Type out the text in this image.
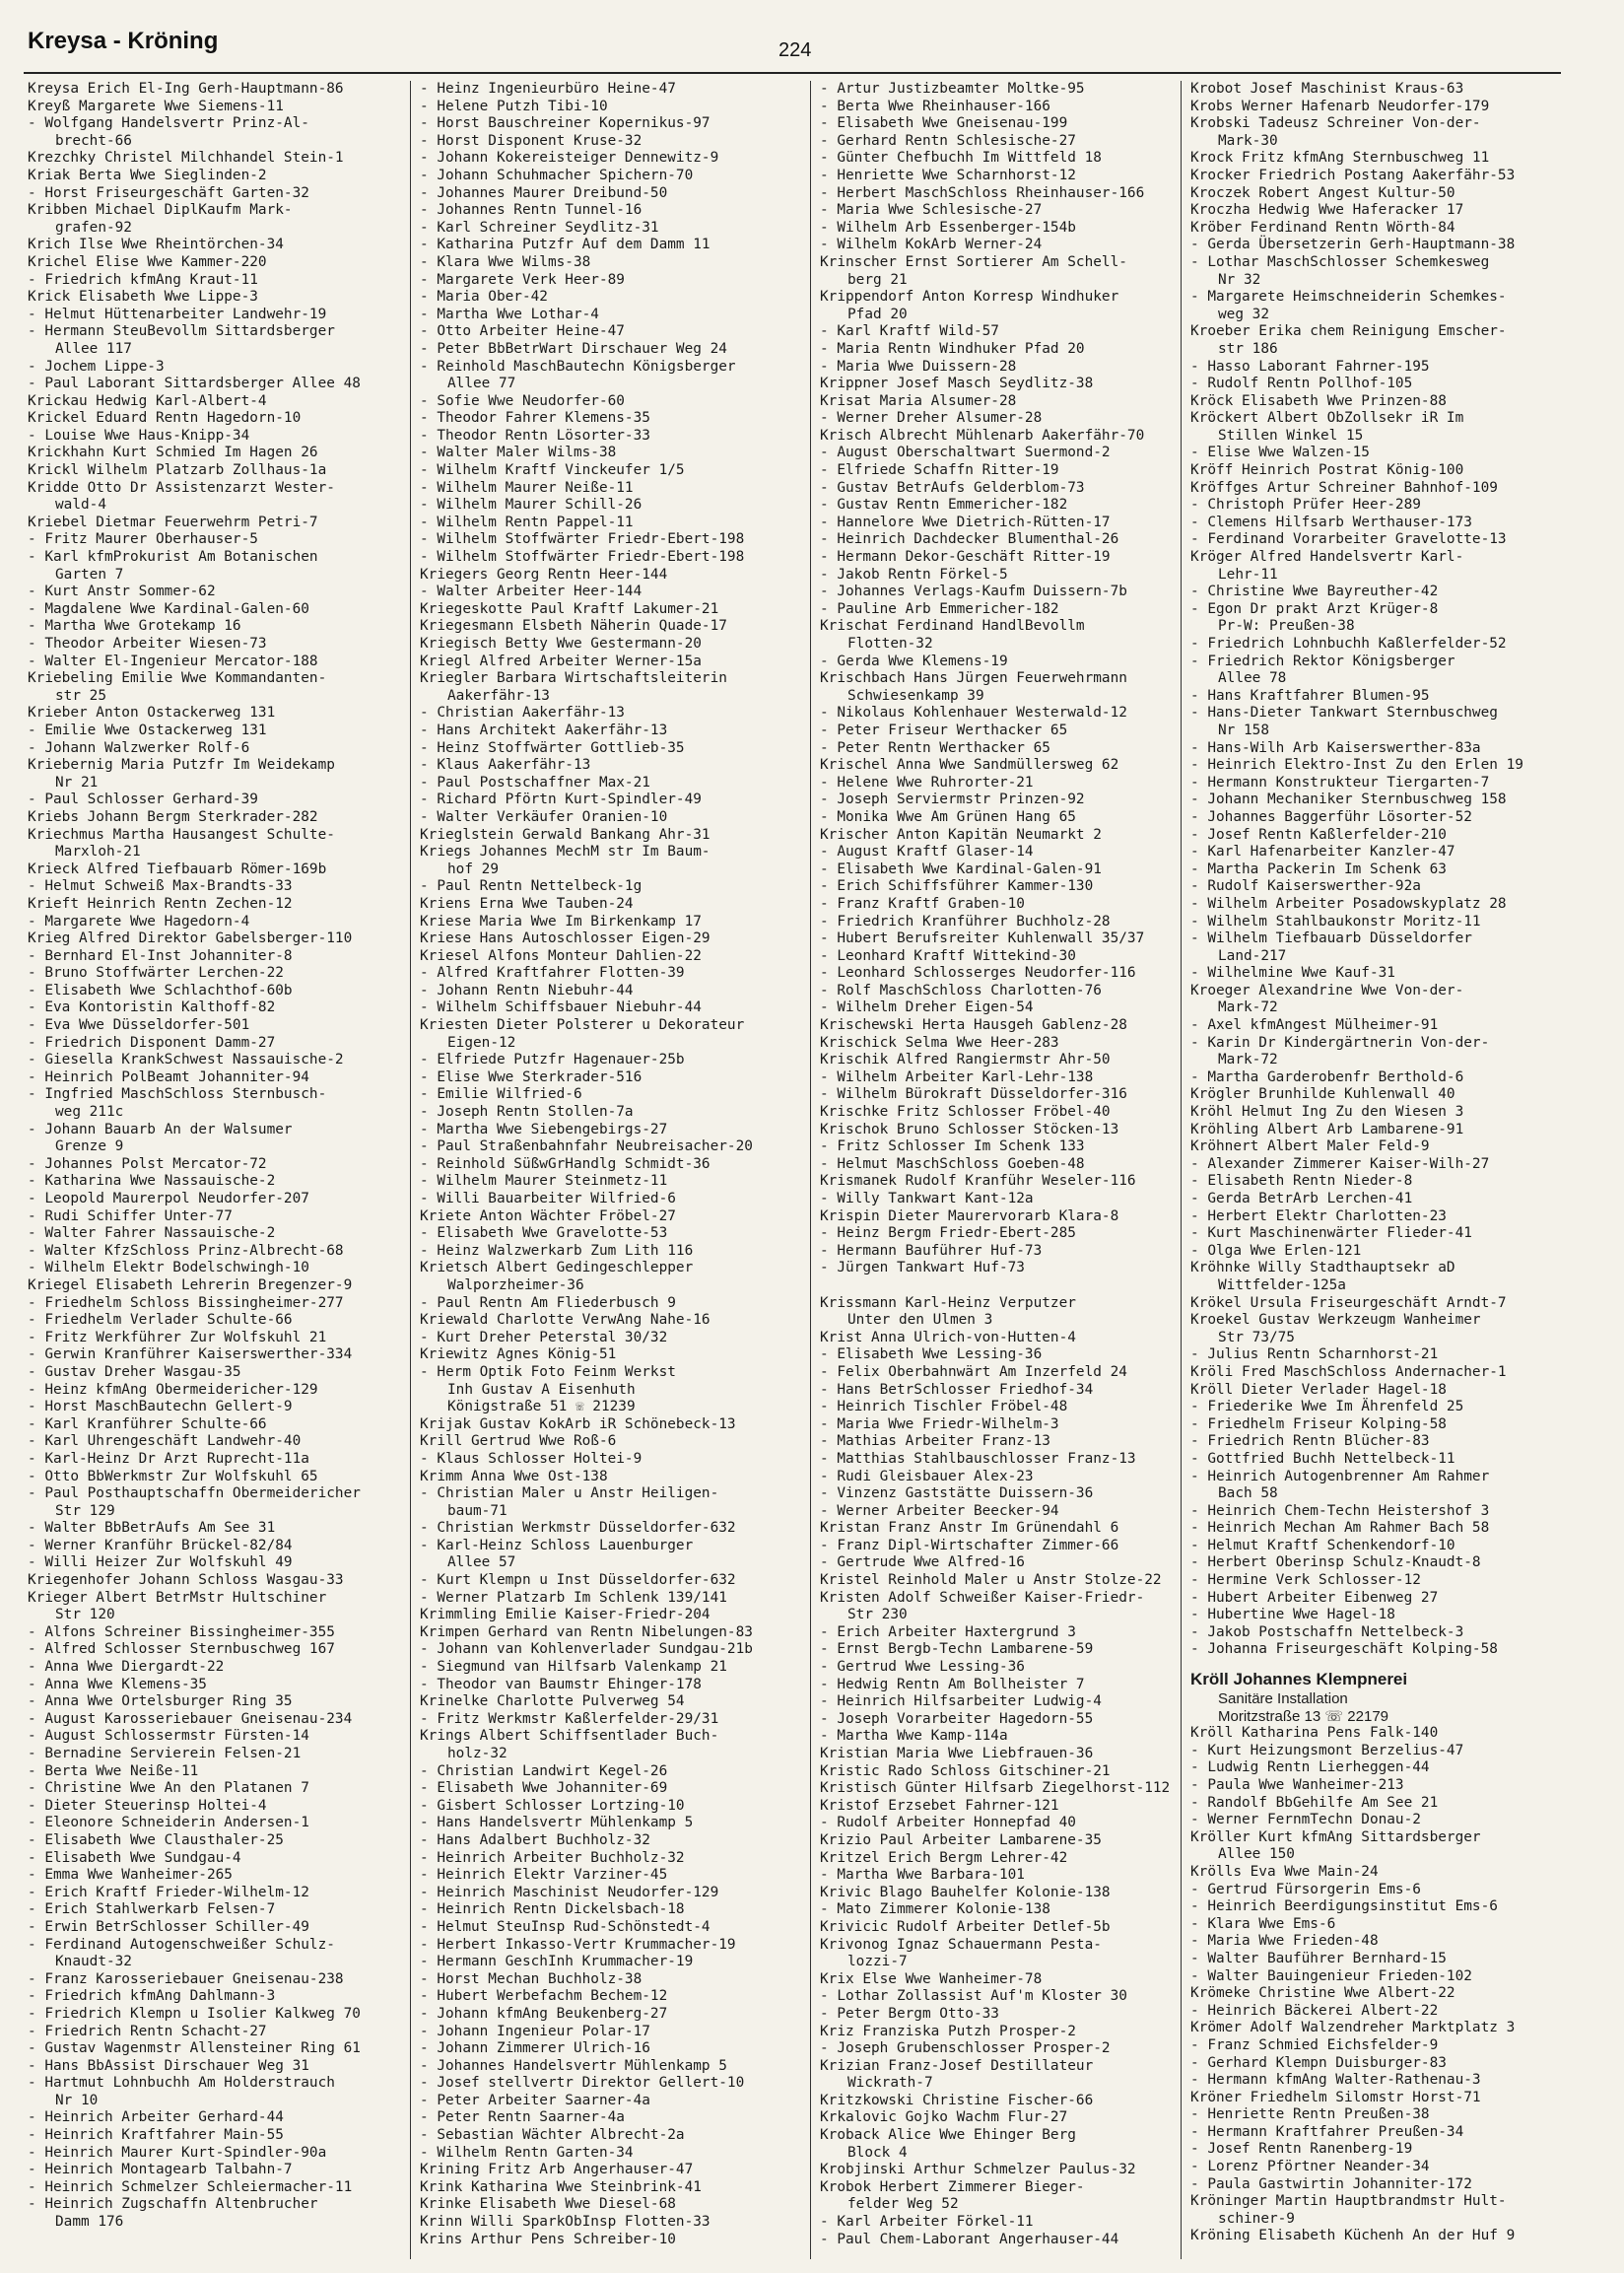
Kreysa - Kröning	224
Kreysa Erich El-Ing Gerh-Hauptmann-86
Kreyß Margarete Wwe Siemens-11
- Wolfgang Handelsvertr Prinz-Al-
brecht-66
Krezchky Christel Milchhandel Stein-1
Kriak Berta Wwe Sieglinden-2
- Horst Friseurgeschäft Garten-32
Kribben Michael DiplKaufm Mark-
grafen-92
Krich Ilse Wwe Rheintörchen-34
Krichel Elise Wwe Kammer-220
- Friedrich kfmAng Kraut-11
Krick Elisabeth Wwe Lippe-3
- Helmut Hüttenarbeiter Landwehr-19
- Hermann SteuBevollm Sittardsberger
Allee 117
- Jochem Lippe-3
- Paul Laborant Sittardsberger Allee 48
Krickau Hedwig Karl-Albert-4
Krickel Eduard Rentn Hagedorn-10
- Louise Wwe Haus-Knipp-34
Krickhahn Kurt Schmied Im Hagen 26
Krickl Wilhelm Platzarb Zollhaus-1a
Kridde Otto Dr Assistenzarzt Wester-
wald-4
Kriebel Dietmar Feuerwehrm Petri-7
- Fritz Maurer Oberhauser-5
- Karl kfmProkurist Am Botanischen
Garten 7
- Kurt Anstr Sommer-62
- Magdalene Wwe Kardinal-Galen-60
- Martha Wwe Grotekamp 16
- Theodor Arbeiter Wiesen-73
- Walter El-Ingenieur Mercator-188
Kriebeling Emilie Wwe Kommandanten-
str 25
Krieber Anton Ostackerweg 131
- Emilie Wwe Ostackerweg 131
- Johann Walzwerker Rolf-6
Kriebernig Maria Putzfr Im Weidekamp
Nr 21
- Paul Schlosser Gerhard-39
Kriebs Johann Bergm Sterkrader-282
Kriechmus Martha Hausangest Schulte-
Marxloh-21
Krieck Alfred Tiefbauarb Römer-169b
- Helmut Schweiß Max-Brandts-33
Krieft Heinrich Rentn Zechen-12
- Margarete Wwe Hagedorn-4
Krieg Alfred Direktor Gabelsberger-110
- Bernhard El-Inst Johanniter-8
- Bruno Stoffwärter Lerchen-22
- Elisabeth Wwe Schlachthof-60b
- Eva Kontoristin Kalthoff-82
- Eva Wwe Düsseldorfer-501
- Friedrich Disponent Damm-27
- Giesella KrankSchwest Nassauische-2
- Heinrich PolBeamt Johanniter-94
- Ingfried MaschSchloss Sternbusch-
weg 211c
- Johann Bauarb An der Walsumer
Grenze 9
- Johannes Polst Mercator-72
- Katharina Wwe Nassauische-2
- Leopold Maurerpol Neudorfer-207
- Rudi Schiffer Unter-77
- Walter Fahrer Nassauische-2
- Walter KfzSchloss Prinz-Albrecht-68
- Wilhelm Elektr Bodelschwingh-10
Kriegel Elisabeth Lehrerin Bregenzer-9
- Friedhelm Schloss Bissingheimer-277
- Friedhelm Verlader Schulte-66
- Fritz Werkführer Zur Wolfskuhl 21
- Gerwin Kranführer Kaiserswerther-334
- Gustav Dreher Wasgau-35
- Heinz kfmAng Obermeidericher-129
- Horst MaschBautechn Gellert-9
- Karl Kranführer Schulte-66
- Karl Uhrengeschäft Landwehr-40
- Karl-Heinz Dr Arzt Ruprecht-11a
- Otto BbWerkmstr Zur Wolfskuhl 65
- Paul Posthauptschaffn Obermeidericher
Str 129
- Walter BbBetrAufs Am See 31
- Werner Kranführ Brückel-82/84
- Willi Heizer Zur Wolfskuhl 49
Kriegenhofer Johann Schloss Wasgau-33
Krieger Albert BetrMstr Hultschiner
Str 120
- Alfons Schreiner Bissingheimer-355
- Alfred Schlosser Sternbuschweg 167
- Anna Wwe Diergardt-22
- Anna Wwe Klemens-35
- Anna Wwe Ortelsburger Ring 35
- August Karosseriebauer Gneisenau-234
- August Schlossermstr Fürsten-14
- Bernadine Servierein Felsen-21
- Berta Wwe Neiße-11
- Christine Wwe An den Platanen 7
- Dieter Steuerinsp Holtei-4
- Eleonore Schneiderin Andersen-1
- Elisabeth Wwe Clausthaler-25
- Elisabeth Wwe Sundgau-4
- Emma Wwe Wanheimer-265
- Erich Kraftf Frieder-Wilhelm-12
- Erich Stahlwerkarb Felsen-7
- Erwin BetrSchlosser Schiller-49
- Ferdinand Autogenschweißer Schulz-
Knaudt-32
- Franz Karosseriebauer Gneisenau-238
- Friedrich kfmAng Dahlmann-3
- Friedrich Klempn u Isolier Kalkweg 70
- Friedrich Rentn Schacht-27
- Gustav Wagenmstr Allensteiner Ring 61
- Hans BbAssist Dirschauer Weg 31
- Hartmut Lohnbuchh Am Holderstrauch
Nr 10
- Heinrich Arbeiter Gerhard-44
- Heinrich Kraftfahrer Main-55
- Heinrich Maurer Kurt-Spindler-90a
- Heinrich Montagearb Talbahn-7
- Heinrich Schmelzer Schleiermacher-11
- Heinrich Zugschaffn Altenbrucher
Damm 176
- Heinz Ingenieurbüro Heine-47
- Helene Putzh Tibi-10
- Horst Bauschreiner Kopernikus-97
- Horst Disponent Kruse-32
- Johann Kokereisteiger Dennewitz-9
- Johann Schuhmacher Spichern-70
- Johannes Maurer Dreibund-50
- Johannes Rentn Tunnel-16
- Karl Schreiner Seydlitz-31
- Katharina Putzfr Auf dem Damm 11
- Klara Wwe Wilms-38
- Margarete Verk Heer-89
- Maria Ober-42
- Martha Wwe Lothar-4
- Otto Arbeiter Heine-47
- Peter BbBetrWart Dirschauer Weg 24
- Reinhold MaschBautechn Königsberger
Allee 77
- Sofie Wwe Neudorfer-60
- Theodor Fahrer Klemens-35
- Theodor Rentn Lösorter-33
- Walter Maler Wilms-38
- Wilhelm Kraftf Vinckeufer 1/5
- Wilhelm Maurer Neiße-11
- Wilhelm Maurer Schill-26
- Wilhelm Rentn Pappel-11
- Wilhelm Stoffwärter Friedr-Ebert-198
- Wilhelm Stoffwärter Friedr-Ebert-198
Kriegers Georg Rentn Heer-144
- Walter Arbeiter Heer-144
Kriegeskotte Paul Kraftf Lakumer-21
Kriegesmann Elsbeth Näherin Quade-17
Kriegisch Betty Wwe Gestermann-20
Kriegl Alfred Arbeiter Werner-15a
Kriegler Barbara Wirtschaftsleiterin
Aakerfähr-13
- Christian Aakerfähr-13
- Hans Architekt Aakerfähr-13
- Heinz Stoffwärter Gottlieb-35
- Klaus Aakerfähr-13
- Paul Postschaffner Max-21
- Richard Pförtn Kurt-Spindler-49
- Walter Verkäufer Oranien-10
Krieglstein Gerwald Bankang Ahr-31
Kriegs Johannes MechM str Im Baum-
hof 29
- Paul Rentn Nettelbeck-1g
Kriens Erna Wwe Tauben-24
Kriese Maria Wwe Im Birkenkamp 17
Kriese Hans Autoschlosser Eigen-29
Kriesel Alfons Monteur Dahlien-22
- Alfred Kraftfahrer Flotten-39
- Johann Rentn Niebuhr-44
- Wilhelm Schiffsbauer Niebuhr-44
Kriesten Dieter Polsterer u Dekorateur
Eigen-12
- Elfriede Putzfr Hagenauer-25b
- Elise Wwe Sterkrader-516
- Emilie Wilfried-6
- Joseph Rentn Stollen-7a
- Martha Wwe Siebengebirgs-27
- Paul Straßenbahnfahr Neubreisacher-20
- Reinhold SüßwGrHandlg Schmidt-36
- Wilhelm Maurer Steinmetz-11
- Willi Bauarbeiter Wilfried-6
Kriete Anton Wächter Fröbel-27
- Elisabeth Wwe Gravelotte-53
- Heinz Walzwerkarb Zum Lith 116
Krietsch Albert Gedingeschlepper
Walporzheimer-36
- Paul Rentn Am Fliederbusch 9
Kriewald Charlotte VerwAng Nahe-16
- Kurt Dreher Peterstal 30/32
Kriewitz Agnes König-51
- Herm Optik Foto Feinm Werkst
Inh Gustav A Eisenhuth
Königstraße 51 ☏ 21239
Krijak Gustav KokArb iR Schönebeck-13
Krill Gertrud Wwe Roß-6
- Klaus Schlosser Holtei-9
Krimm Anna Wwe Ost-138
- Christian Maler u Anstr Heiligen-
baum-71
- Christian Werkmstr Düsseldorfer-632
- Karl-Heinz Schloss Lauenburger
Allee 57
- Kurt Klempn u Inst Düsseldorfer-632
- Werner Platzarb Im Schlenk 139/141
Krimmling Emilie Kaiser-Friedr-204
Krimpen Gerhard van Rentn Nibelungen-83
- Johann van Kohlenverlader Sundgau-21b
- Siegmund van Hilfsarb Valenkamp 21
- Theodor van Baumstr Ehinger-178
Krinelke Charlotte Pulverweg 54
- Fritz Werkmstr Kaßlerfelder-29/31
Krings Albert Schiffsentlader Buch-
holz-32
- Christian Landwirt Kegel-26
- Elisabeth Wwe Johanniter-69
- Gisbert Schlosser Lortzing-10
- Hans Handelsvertr Mühlenkamp 5
- Hans Adalbert Buchholz-32
- Heinrich Arbeiter Buchholz-32
- Heinrich Elektr Varziner-45
- Heinrich Maschinist Neudorfer-129
- Heinrich Rentn Dickelsbach-18
- Helmut SteuInsp Rud-Schönstedt-4
- Herbert Inkasso-Vertr Krummacher-19
- Hermann GeschInh Krummacher-19
- Horst Mechan Buchholz-38
- Hubert Werbefachm Bechem-12
- Johann kfmAng Beukenberg-27
- Johann Ingenieur Polar-17
- Johann Zimmerer Ulrich-16
- Johannes Handelsvertr Mühlenkamp 5
- Josef stellvertr Direktor Gellert-10
- Peter Arbeiter Saarner-4a
- Peter Rentn Saarner-4a
- Sebastian Wächter Albrecht-2a
- Wilhelm Rentn Garten-34
Krining Fritz Arb Angerhauser-47
Krink Katharina Wwe Steinbrink-41
Krinke Elisabeth Wwe Diesel-68
Krinn Willi SparkObInsp Flotten-33
Krins Arthur Pens Schreiber-10
- Artur Justizbeamter Moltke-95
- Berta Wwe Rheinhauser-166
- Elisabeth Wwe Gneisenau-199
- Gerhard Rentn Schlesische-27
- Günter Chefbuchh Im Wittfeld 18
- Henriette Wwe Scharnhorst-12
- Herbert MaschSchloss Rheinhauser-166
- Maria Wwe Schlesische-27
- Wilhelm Arb Essenberger-154b
- Wilhelm KokArb Werner-24
Krinscher Ernst Sortierer Am Schell-
berg 21
Krippendorf Anton Korresp Windhuker
Pfad 20
- Karl Kraftf Wild-57
- Maria Rentn Windhuker Pfad 20
- Maria Wwe Duissern-28
Krippner Josef Masch Seydlitz-38
Krisat Maria Alsumer-28
- Werner Dreher Alsumer-28
Krisch Albrecht Mühlenarb Aakerfähr-70
- August Oberschaltwart Suermond-2
- Elfriede Schaffn Ritter-19
- Gustav BetrAufs Gelderblom-73
- Gustav Rentn Emmericher-182
- Hannelore Wwe Dietrich-Rütten-17
- Heinrich Dachdecker Blumenthal-26
- Hermann Dekor-Geschäft Ritter-19
- Jakob Rentn Förkel-5
- Johannes Verlags-Kaufm Duissern-7b
- Pauline Arb Emmericher-182
Krischat Ferdinand HandlBevollm
Flotten-32
- Gerda Wwe Klemens-19
Krischbach Hans Jürgen Feuerwehrmann
Schwiesenkamp 39
- Nikolaus Kohlenhauer Westerwald-12
- Peter Friseur Werthacker 65
- Peter Rentn Werthacker 65
Krischel Anna Wwe Sandmüllersweg 62
- Helene Wwe Ruhrorter-21
- Joseph Serviermstr Prinzen-92
- Monika Wwe Am Grünen Hang 65
Krischer Anton Kapitän Neumarkt 2
- August Kraftf Glaser-14
- Elisabeth Wwe Kardinal-Galen-91
- Erich Schiffsführer Kammer-130
- Franz Kraftf Graben-10
- Friedrich Kranführer Buchholz-28
- Hubert Berufsreiter Kuhlenwall 35/37
- Leonhard Kraftf Wittekind-30
- Leonhard Schlosserges Neudorfer-116
- Rolf MaschSchloss Charlotten-76
- Wilhelm Dreher Eigen-54
Krischewski Herta Hausgeh Gablenz-28
Krischick Selma Wwe Heer-283
Krischik Alfred Rangiermstr Ahr-50
- Wilhelm Arbeiter Karl-Lehr-138
- Wilhelm Bürokraft Düsseldorfer-316
Krischke Fritz Schlosser Fröbel-40
Krischok Bruno Schlosser Stöcken-13
- Fritz Schlosser Im Schenk 133
- Helmut MaschSchloss Goeben-48
Krismanek Rudolf Kranführ Weseler-116
- Willy Tankwart Kant-12a
Krispin Dieter Maurervorarb Klara-8
- Heinz Bergm Friedr-Ebert-285
- Hermann Bauführer Huf-73
- Jürgen Tankwart Huf-73

Krissmann Karl-Heinz Verputzer
Unter den Ulmen 3
Krist Anna Ulrich-von-Hutten-4
- Elisabeth Wwe Lessing-36
- Felix Oberbahnwärt Am Inzerfeld 24
- Hans BetrSchlosser Friedhof-34
- Heinrich Tischler Fröbel-48
- Maria Wwe Friedr-Wilhelm-3
- Mathias Arbeiter Franz-13
- Matthias Stahlbauschlosser Franz-13
- Rudi Gleisbauer Alex-23
- Vinzenz Gaststätte Duissern-36
- Werner Arbeiter Beecker-94
Kristan Franz Anstr Im Grünendahl 6
- Franz Dipl-Wirtschafter Zimmer-66
- Gertrude Wwe Alfred-16
Kristel Reinhold Maler u Anstr Stolze-22
Kristen Adolf Schweißer Kaiser-Friedr-
Str 230
- Erich Arbeiter Haxtergrund 3
- Ernst Bergb-Techn Lambarene-59
- Gertrud Wwe Lessing-36
- Hedwig Rentn Am Bollheister 7
- Heinrich Hilfsarbeiter Ludwig-4
- Joseph Vorarbeiter Hagedorn-55
- Martha Wwe Kamp-114a
Kristian Maria Wwe Liebfrauen-36
Kristic Rado Schloss Gitschiner-21
Kristisch Günter Hilfsarb Ziegelhorst-112
Kristof Erzsebet Fahrner-121
- Rudolf Arbeiter Honnepfad 40
Krizio Paul Arbeiter Lambarene-35
Kritzel Erich Bergm Lehrer-42
- Martha Wwe Barbara-101
Krivic Blago Bauhelfer Kolonie-138
- Mato Zimmerer Kolonie-138
Krivicic Rudolf Arbeiter Detlef-5b
Krivonog Ignaz Schauermann Pesta-
lozzi-7
Krix Else Wwe Wanheimer-78
- Lothar Zollassist Auf'm Kloster 30
- Peter Bergm Otto-33
Kriz Franziska Putzh Prosper-2
- Joseph Grubenschlosser Prosper-2
Krizian Franz-Josef Destillateur
Wickrath-7
Kritzkowski Christine Fischer-66
Krkalovic Gojko Wachm Flur-27
Kroback Alice Wwe Ehinger Berg
Block 4
Krobjinski Arthur Schmelzer Paulus-32
Krobok Herbert Zimmerer Bieger-
felder Weg 52
- Karl Arbeiter Förkel-11
- Paul Chem-Laborant Angerhauser-44
Krobot Josef Maschinist Kraus-63
Krobs Werner Hafenarb Neudorfer-179
Krobski Tadeusz Schreiner Von-der-
Mark-30
Krock Fritz kfmAng Sternbuschweg 11
Krocker Friedrich Postang Aakerfähr-53
Kroczek Robert Angest Kultur-50
Kroczha Hedwig Wwe Haferacker 17
Kröber Ferdinand Rentn Wörth-84
- Gerda Übersetzerin Gerh-Hauptmann-38
- Lothar MaschSchlosser Schemkesweg
Nr 32
- Margarete Heimschneiderin Schemkes-
weg 32
Kroeber Erika chem Reinigung Emscher-
str 186
- Hasso Laborant Fahrner-195
- Rudolf Rentn Pollhof-105
Kröck Elisabeth Wwe Prinzen-88
Kröckert Albert ObZollsekr iR Im
Stillen Winkel 15
- Elise Wwe Walzen-15
Kröff Heinrich Postrat König-100
Kröffges Artur Schreiner Bahnhof-109
- Christoph Prüfer Heer-289
- Clemens Hilfsarb Werthauser-173
- Ferdinand Vorarbeiter Gravelotte-13
Kröger Alfred Handelsvertr Karl-
Lehr-11
- Christine Wwe Bayreuther-42
- Egon Dr prakt Arzt Krüger-8
Pr-W: Preußen-38
- Friedrich Lohnbuchh Kaßlerfelder-52
- Friedrich Rektor Königsberger
Allee 78
- Hans Kraftfahrer Blumen-95
- Hans-Dieter Tankwart Sternbuschweg
Nr 158
- Hans-Wilh Arb Kaiserswerther-83a
- Heinrich Elektro-Inst Zu den Erlen 19
- Hermann Konstrukteur Tiergarten-7
- Johann Mechaniker Sternbuschweg 158
- Johannes Baggerführ Lösorter-52
- Josef Rentn Kaßlerfelder-210
- Karl Hafenarbeiter Kanzler-47
- Martha Packerin Im Schenk 63
- Rudolf Kaiserswerther-92a
- Wilhelm Arbeiter Posadowskyplatz 28
- Wilhelm Stahlbaukonstr Moritz-11
- Wilhelm Tiefbauarb Düsseldorfer
Land-217
- Wilhelmine Wwe Kauf-31
Kroeger Alexandrine Wwe Von-der-
Mark-72
- Axel kfmAngest Mülheimer-91
- Karin Dr Kindergärtnerin Von-der-
Mark-72
- Martha Garderobenfr Berthold-6
Krögler Brunhilde Kuhlenwall 40
Kröhl Helmut Ing Zu den Wiesen 3
Kröhling Albert Arb Lambarene-91
Kröhnert Albert Maler Feld-9
- Alexander Zimmerer Kaiser-Wilh-27
- Elisabeth Rentn Nieder-8
- Gerda BetrArb Lerchen-41
- Herbert Elektr Charlotten-23
- Kurt Maschinenwärter Flieder-41
- Olga Wwe Erlen-121
Kröhnke Willy Stadthauptsekr aD
Wittfelder-125a
Krökel Ursula Friseurgeschäft Arndt-7
Kroekel Gustav Werkzeugm Wanheimer
Str 73/75
- Julius Rentn Scharnhorst-21
Kröli Fred MaschSchloss Andernacher-1
Kröll Dieter Verlader Hagel-18
- Friederike Wwe Im Ährenfeld 25
- Friedhelm Friseur Kolping-58
- Friedrich Rentn Blücher-83
- Gottfried Buchh Nettelbeck-11
- Heinrich Autogenbrenner Am Rahmer
Bach 58
- Heinrich Chem-Techn Heistershof 3
- Heinrich Mechan Am Rahmer Bach 58
- Helmut Kraftf Schenkendorf-10
- Herbert Oberinsp Schulz-Knaudt-8
- Hermine Verk Schlosser-12
- Hubert Arbeiter Eibenweg 27
- Hubertine Wwe Hagel-18
- Jakob Postschaffn Nettelbeck-3
- Johanna Friseurgeschäft Kolping-58
Kröll Johannes Klempnerei
Sanitäre Installation
Moritzstraße 13 ☏ 22179
Kröll Katharina Pens Falk-140
- Kurt Heizungsmont Berzelius-47
- Ludwig Rentn Lierheggen-44
- Paula Wwe Wanheimer-213
- Randolf BbGehilfe Am See 21
- Werner FernmTechn Donau-2
Kröller Kurt kfmAng Sittardsberger
Allee 150
Krölls Eva Wwe Main-24
- Gertrud Fürsorgerin Ems-6
- Heinrich Beerdigungsinstitut Ems-6
- Klara Wwe Ems-6
- Maria Wwe Frieden-48
- Walter Bauführer Bernhard-15
- Walter Bauingenieur Frieden-102
Krömeke Christine Wwe Albert-22
- Heinrich Bäckerei Albert-22
Krömer Adolf Walzendreher Marktplatz 3
- Franz Schmied Eichsfelder-9
- Gerhard Klempn Duisburger-83
- Hermann kfmAng Walter-Rathenau-3
Kröner Friedhelm Silomstr Horst-71
- Henriette Rentn Preußen-38
- Hermann Kraftfahrer Preußen-34
- Josef Rentn Ranenberg-19
- Lorenz Pförtner Neander-34
- Paula Gastwirtin Johanniter-172
Kröninger Martin Hauptbrandmstr Hult-
schiner-9
Kröning Elisabeth Küchenh An der Huf 9
